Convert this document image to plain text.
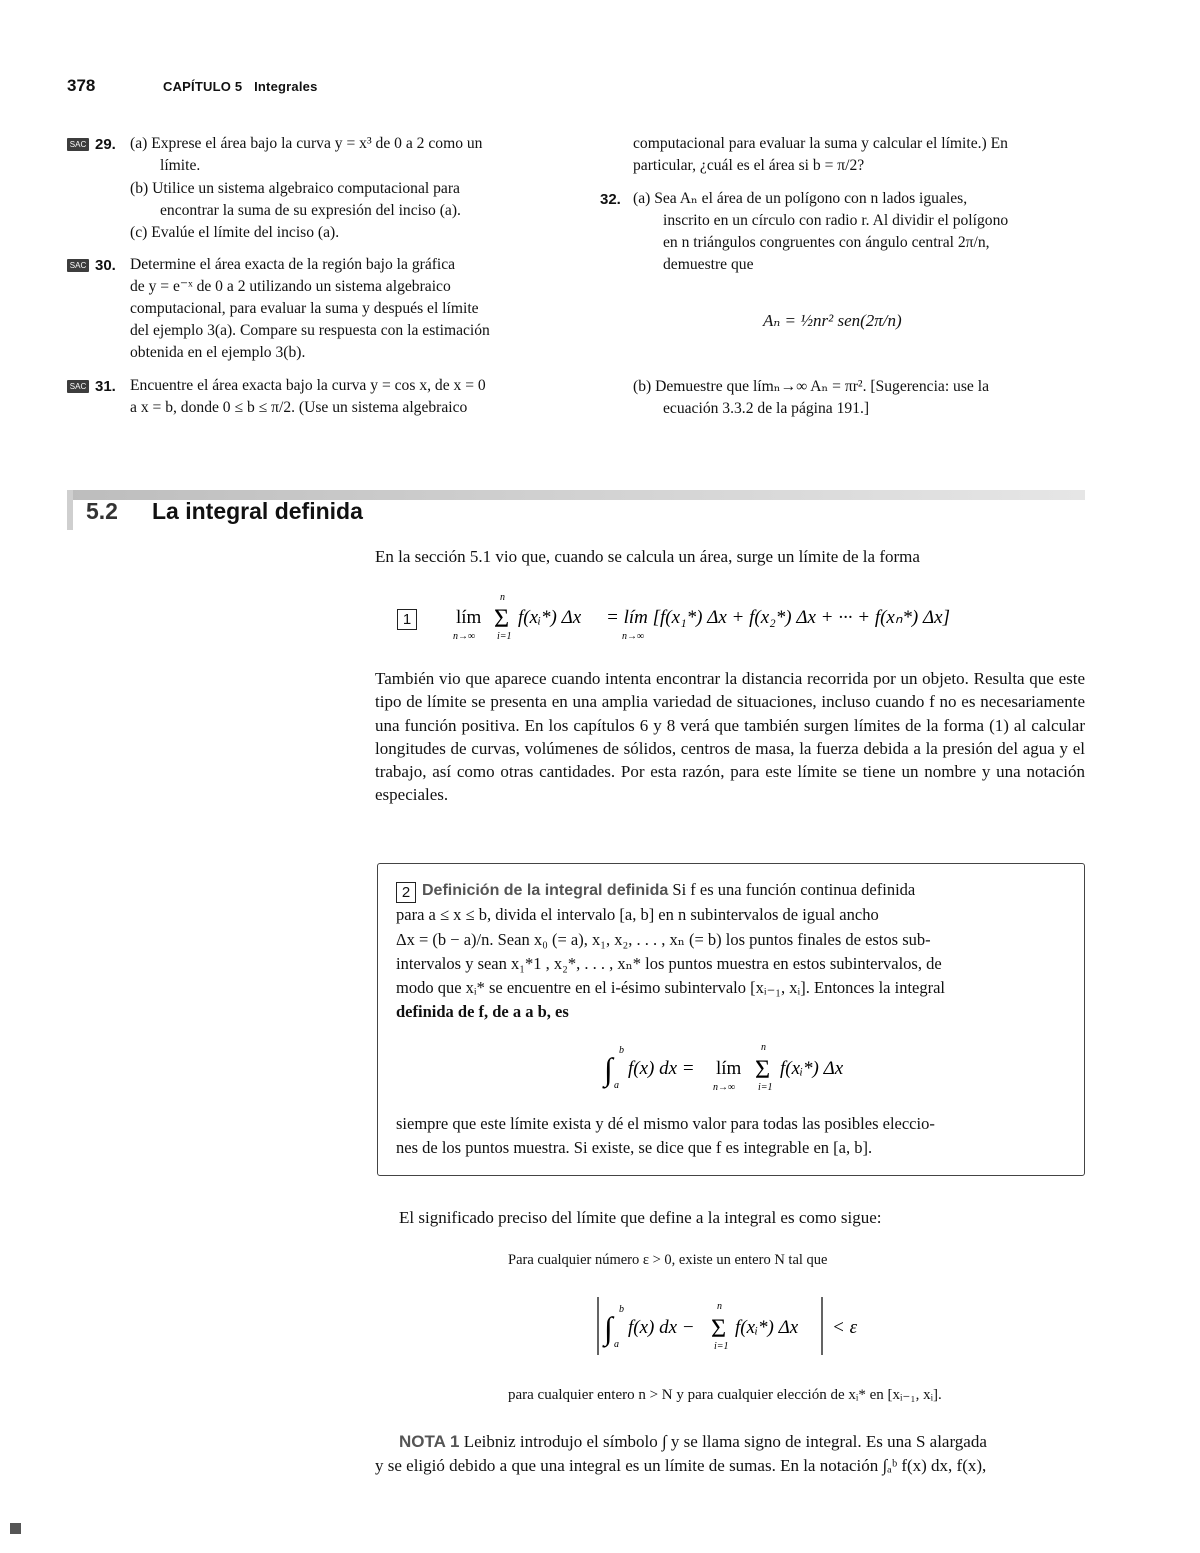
378	CAPÍTULO 5 Integrales
SAC 29. (a) Exprese el área bajo la curva y = x³ de 0 a 2 como un
límite.
(b) Utilice un sistema algebraico computacional para
encontrar la suma de su expresión del inciso (a).
(c) Evalúe el límite del inciso (a).
SAC 30. Determine el área exacta de la región bajo la gráfica
de y = e⁻ˣ de 0 a 2 utilizando un sistema algebraico
computacional, para evaluar la suma y después el límite
del ejemplo 3(a). Compare su respuesta con la estimación
obtenida en el ejemplo 3(b).
SAC 31. Encuentre el área exacta bajo la curva y = cos x, de x = 0
a x = b, donde 0 ≤ b ≤ π/2. (Use un sistema algebraico
computacional para evaluar la suma y calcular el límite.) En
particular, ¿cuál es el área si b = π/2?
32. (a) Sea Aₙ el área de un polígono con n lados iguales,
inscrito en un círculo con radio r. Al dividir el polígono
en n triángulos congruentes con ángulo central 2π/n,
demuestre que
Aₙ = ½nr² sen(2π/n)
(b) Demuestre que límₙ→∞ Aₙ = πr². [Sugerencia: use la
ecuación 3.3.2 de la página 191.]
5.2 La integral definida
En la sección 5.1 vio que, cuando se calcula un área, surge un límite de la forma
1	lím
n→∞
n
Σ
i=1
f(xᵢ*) Δx = lím [f(x₁*) Δx + f(x₂*) Δx + ··· + f(xₙ*) Δx]
n→∞
También vio que aparece cuando intenta encontrar la distancia recorrida por un objeto. Resulta que este tipo de límite se presenta en una amplia variedad de situaciones, incluso cuando f no es necesariamente una función positiva. En los capítulos 6 y 8 verá que también surgen límites de la forma (1) al calcular longitudes de curvas, volúmenes de sólidos, centros de masa, la fuerza debida a la presión del agua y el trabajo, así como otras cantidades. Por esta razón, para este límite se tiene un nombre y una notación especiales.
2 Definición de la integral definida Si f es una función continua definida
para a ≤ x ≤ b, divida el intervalo [a, b] en n subintervalos de igual ancho
Δx = (b − a)/n. Sean x₀ (= a), x₁, x₂, . . . , xₙ (= b) los puntos finales de estos sub-
intervalos y sean x₁*1 , x₂*, . . . , xₙ* los puntos muestra en estos subintervalos, de
modo que xᵢ* se encuentre en el i-ésimo subintervalo [xᵢ₋₁, xᵢ]. Entonces la integral
definida de f, de a a b, es
∫
b
a
f(x) dx = lím
n→∞
n
Σ
i=1
f(xᵢ*) Δx
siempre que este límite exista y dé el mismo valor para todas las posibles eleccio-
nes de los puntos muestra. Si existe, se dice que f es integrable en [a, b].
El significado preciso del límite que define a la integral es como sigue:
Para cualquier número ε > 0, existe un entero N tal que
∫
b
a
f(x) dx −
n
Σ
i=1
f(xᵢ*) Δx < ε
para cualquier entero n > N y para cualquier elección de xᵢ* en [xᵢ₋₁, xᵢ].
NOTA 1 Leibniz introdujo el símbolo ∫ y se llama signo de integral. Es una S alargada
y se eligió debido a que una integral es un límite de sumas. En la notación ∫ₐᵇ f(x) dx, f(x),
